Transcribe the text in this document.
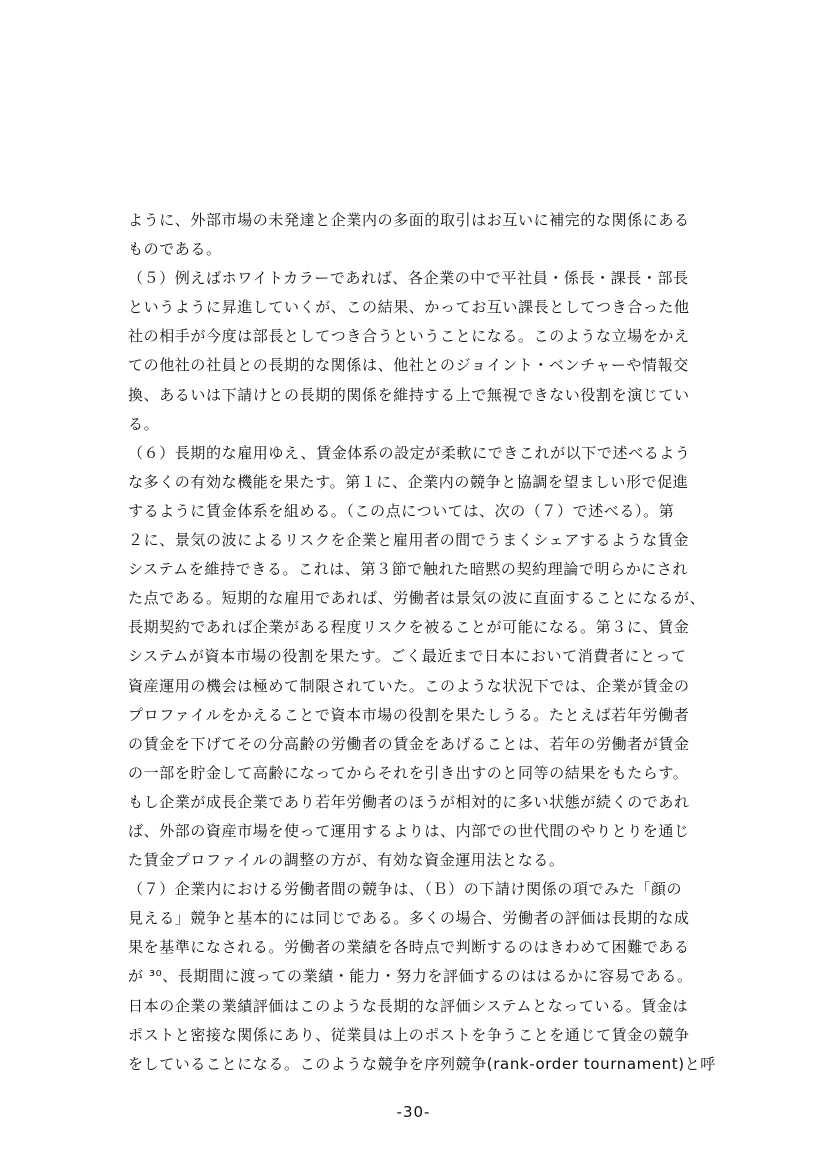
ように、外部市場の未発達と企業内の多面的取引はお互いに補完的な関係にある
ものである。
（５）例えばホワイトカラーであれば、各企業の中で平社員・係長・課長・部長
というように昇進していくが、この結果、かってお互い課長としてつき合った他
社の相手が今度は部長としてつき合うということになる。このような立場をかえ
ての他社の社員との長期的な関係は、他社とのジョイント・ベンチャーや情報交
換、あるいは下請けとの長期的関係を維持する上で無視できない役割を演じてい
る。
（６）長期的な雇用ゆえ、賃金体系の設定が柔軟にできこれが以下で述べるよう
な多くの有効な機能を果たす。第１に、企業内の競争と協調を望ましい形で促進
するように賃金体系を組める。（この点については、次の（７）で述べる）。第
２に、景気の波によるリスクを企業と雇用者の間でうまくシェアするような賃金
システムを維持できる。これは、第３節で触れた暗黙の契約理論で明らかにされ
た点である。短期的な雇用であれば、労働者は景気の波に直面することになるが、
長期契約であれば企業がある程度リスクを被ることが可能になる。第３に、賃金
システムが資本市場の役割を果たす。ごく最近まで日本において消費者にとって
資産運用の機会は極めて制限されていた。このような状況下では、企業が賃金の
プロファイルをかえることで資本市場の役割を果たしうる。たとえば若年労働者
の賃金を下げてその分高齢の労働者の賃金をあげることは、若年の労働者が賃金
の一部を貯金して高齢になってからそれを引き出すのと同等の結果をもたらす。
もし企業が成長企業であり若年労働者のほうが相対的に多い状態が続くのであれ
ば、外部の資産市場を使って運用するよりは、内部での世代間のやりとりを通じ
た賃金プロファイルの調整の方が、有効な資金運用法となる。
（７）企業内における労働者間の競争は、（Ｂ）の下請け関係の項でみた「顔の
見える」競争と基本的には同じである。多くの場合、労働者の評価は長期的な成
果を基準になされる。労働者の業績を各時点で判断するのはきわめて困難である
が ³⁰、長期間に渡っての業績・能力・努力を評価するのははるかに容易である。
日本の企業の業績評価はこのような長期的な評価システムとなっている。賃金は
ポストと密接な関係にあり、従業員は上のポストを争うことを通じて賃金の競争
をしていることになる。このような競争を序列競争(rank-order tournament)と呼
-30-
